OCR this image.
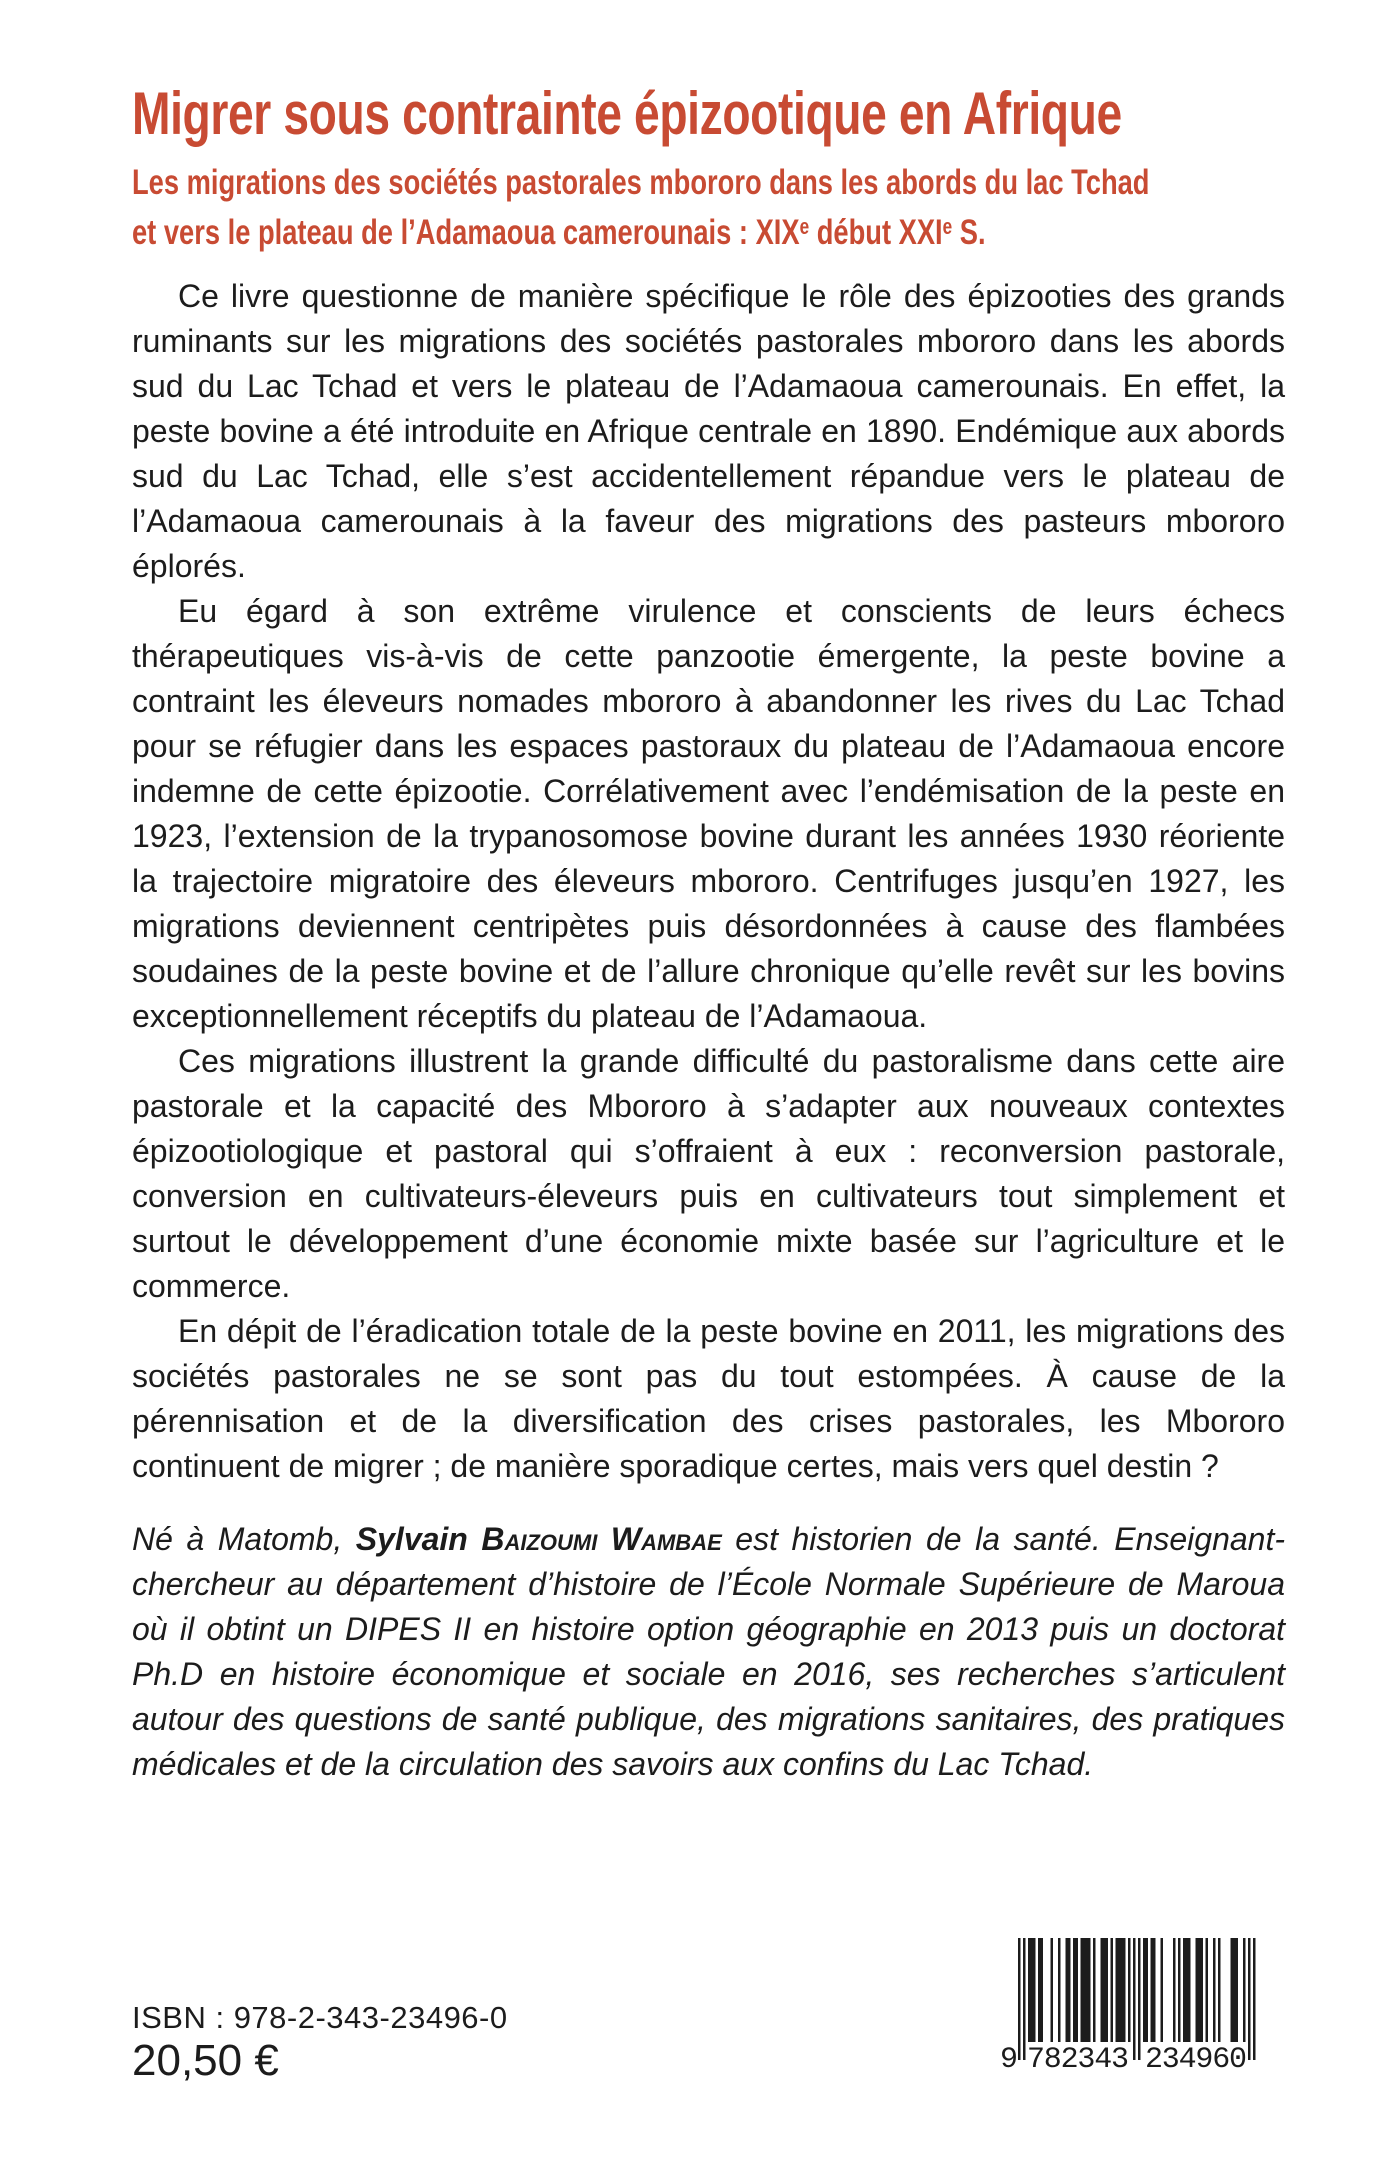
Migrer sous contrainte épizootique en Afrique
Les migrations des sociétés pastorales mbororo dans les abords du lac Tchad
et vers le plateau de l’Adamaoua camerounais : XIXe début XXIe S.

Ce livre questionne de manière spécifique le rôle des épizooties des grands ruminants sur les migrations des sociétés pastorales mbororo dans les abords sud du Lac Tchad et vers le plateau de l’Adamaoua camerounais. En effet, la peste bovine a été introduite en Afrique centrale en 1890. Endémique aux abords sud du Lac Tchad, elle s’est accidentellement répandue vers le plateau de l’Adamaoua camerounais à la faveur des migrations des pasteurs mbororo éplorés.

Eu égard à son extrême virulence et conscients de leurs échecs thérapeutiques vis-à-vis de cette panzootie émergente, la peste bovine a contraint les éleveurs nomades mbororo à abandonner les rives du Lac Tchad pour se réfugier dans les espaces pastoraux du plateau de l’Adamaoua encore indemne de cette épizootie. Corrélativement avec l’endémisation de la peste en 1923, l’extension de la trypanosomose bovine durant les années 1930 réoriente la trajectoire migratoire des éleveurs mbororo. Centrifuges jusqu’en 1927, les migrations deviennent centripètes puis désordonnées à cause des flambées soudaines de la peste bovine et de l’allure chronique qu’elle revêt sur les bovins exceptionnellement réceptifs du plateau de l’Adamaoua.

Ces migrations illustrent la grande difficulté du pastoralisme dans cette aire pastorale et la capacité des Mbororo à s’adapter aux nouveaux contextes épizootiologique et pastoral qui s’offraient à eux : reconversion pastorale, conversion en cultivateurs-éleveurs puis en cultivateurs tout simplement et surtout le développement d’une économie mixte basée sur l’agriculture et le commerce.

En dépit de l’éradication totale de la peste bovine en 2011, les migrations des sociétés pastorales ne se sont pas du tout estompées. À cause de la pérennisation et de la diversification des crises pastorales, les Mbororo continuent de migrer ; de manière sporadique certes, mais vers quel destin ?

Né à Matomb, Sylvain Baizoumi Wambae est historien de la santé. Enseignant-chercheur au département d’histoire de l’École Normale Supérieure de Maroua où il obtint un DIPES II en histoire option géographie en 2013 puis un doctorat Ph.D en histoire économique et sociale en 2016, ses recherches s’articulent autour des questions de santé publique, des migrations sanitaires, des pratiques médicales et de la circulation des savoirs aux confins du Lac Tchad.

ISBN : 978-2-343-23496-0
20,50 €	9 782343 234960
